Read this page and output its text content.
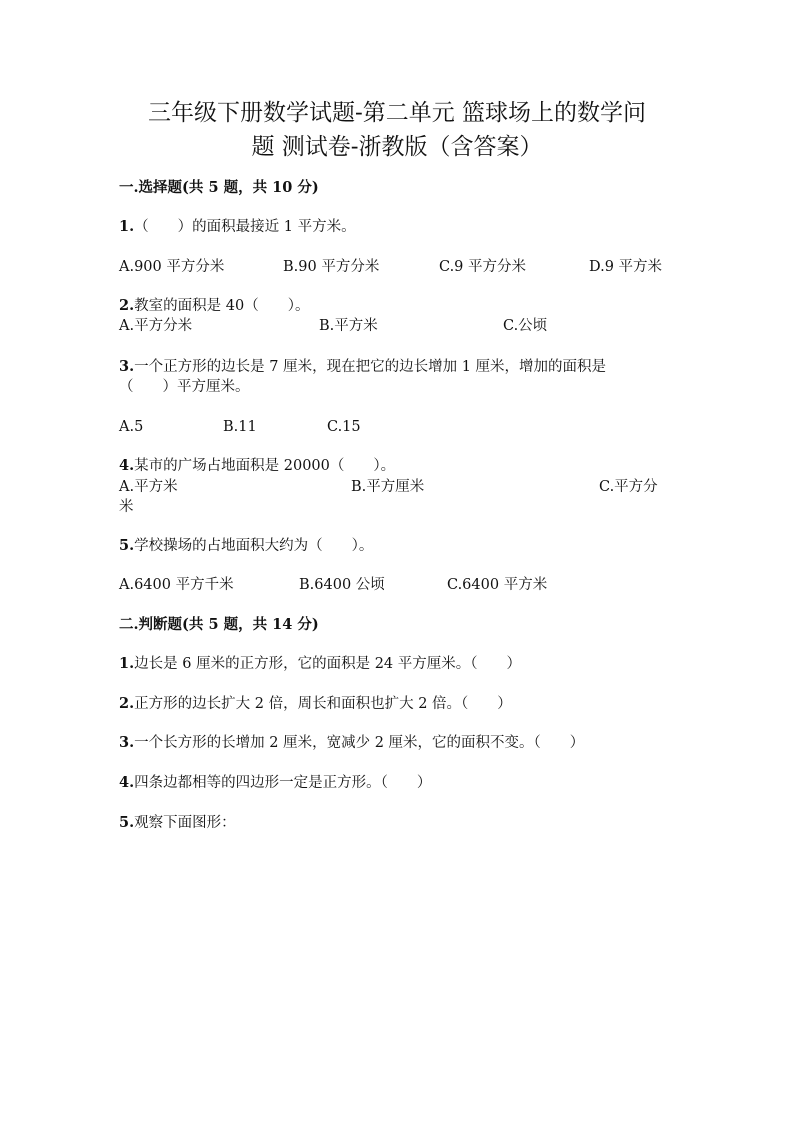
三年级下册数学试题-第二单元 篮球场上的数学问
题 测试卷-浙教版（含答案）
一.选择题(共 5 题，共 10 分)
1.（　　）的面积最接近 1 平方米。
A.900 平方分米	B.90 平方分米	C.9 平方分米	D.9 平方米
2.教室的面积是 40（　　）。
A.平方分米	B.平方米	C.公顷
3.一个正方形的边长是 7 厘米，现在把它的边长增加 1 厘米，增加的面积是
（　　）平方厘米。
A.5	B.11	C.15
4.某市的广场占地面积是 20000（　　）。
A.平方米	B.平方厘米	C.平方分
米
5.学校操场的占地面积大约为（　　）。
A.6400 平方千米	B.6400 公顷	C.6400 平方米
二.判断题(共 5 题，共 14 分)
1.边长是 6 厘米的正方形，它的面积是 24 平方厘米。（　　）
2.正方形的边长扩大 2 倍，周长和面积也扩大 2 倍。（　　）
3.一个长方形的长增加 2 厘米，宽减少 2 厘米，它的面积不变。（　　）
4.四条边都相等的四边形一定是正方形。（　　）
5.观察下面图形：
